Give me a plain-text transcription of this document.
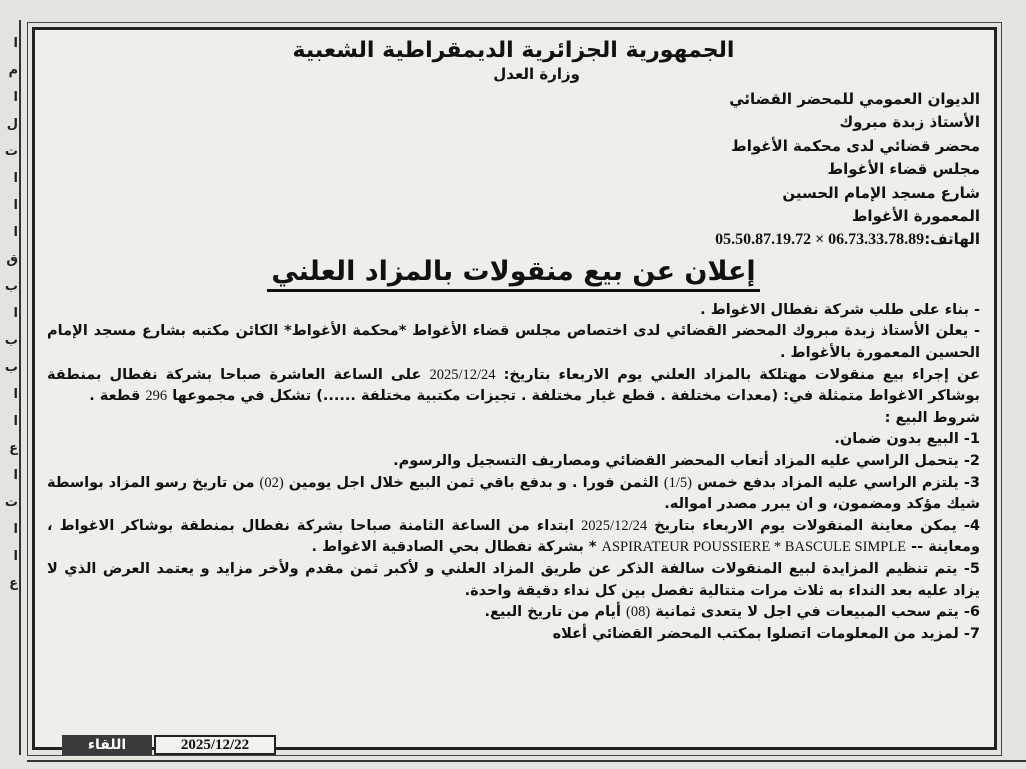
ا
م
ا
ل
ت
ا
ا
ا
ق
ب
ا
ب
ب
ا
ا
ع
ا
ت
ا
ا
ع
الجمهورية الجزائرية الديمقراطية الشعبية
وزارة العدل
الديوان العمومي للمحضر القضائي
الأستاذ زبدة مبروك
محضر قضائي لدى محكمة الأغواط
مجلس قضاء الأغواط
شارع مسجد الإمام الحسين
المعمورة الأغواط
الهاتف:05.50.87.19.72 × 06.73.33.78.89
إعلان عن بيع منقولات بالمزاد العلني

- بناء على طلب شركة نفطال الاغواط .

- يعلن الأستاذ زبدة مبروك المحضر القضائي لدى اختصاص مجلس قضاء الأغواط *محكمة الأغواط* الكائن مكتبه بشارع مسجد الإمام الحسين المعمورة بالأغواط .

عن إجراء بيع منقولات مهتلكة بالمزاد العلني يوم الاربعاء بتاريخ: 2025/12/24 على الساعة العاشرة صباحا بشركة نفطال بمنطقة بوشاكر الاغواط متمثلة في: (معدات مختلفة . قطع غيار مختلفة . تجيزات مكتبية مختلفة ......) تشكل في مجموعها 296 قطعة .

شروط البيع :

1- البيع بدون ضمان.

2- يتحمل الراسي عليه المزاد أتعاب المحضر القضائي ومصاريف التسجيل والرسوم.

3- يلتزم الراسي عليه المزاد بدفع خمس (1/5) الثمن فورا . و بدفع باقي ثمن البيع خلال اجل يومين (02) من تاريخ رسو المزاد بواسطة شيك مؤكد ومضمون، و ان يبرر مصدر امواله.

4- يمكن معاينة المنقولات يوم الاربعاء بتاريخ 2025/12/24 ابتداء من الساعة الثامنة صباحا بشركة نفطال بمنطقة بوشاكر الاغواط ، ومعاينة -- ASPIRATEUR POUSSIERE * BASCULE SIMPLE * بشركة نفطال بحي الصادقية الاغواط .

5- يتم تنظيم المزايدة لبيع المنقولات سالفة الذكر عن طريق المزاد العلني و لأكبر ثمن مقدم ولأخر مزايد و يعتمد العرض الذي لا يزاد عليه بعد النداء به ثلاث مرات متتالية تفصل بين كل نداء دقيقة واحدة.

6- يتم سحب المبيعات في اجل لا يتعدى ثمانية (08) أيام من تاريخ البيع.

7- لمزيد من المعلومات اتصلوا بمكتب المحضر القضائي أعلاه

اللقاء	2025/12/22
